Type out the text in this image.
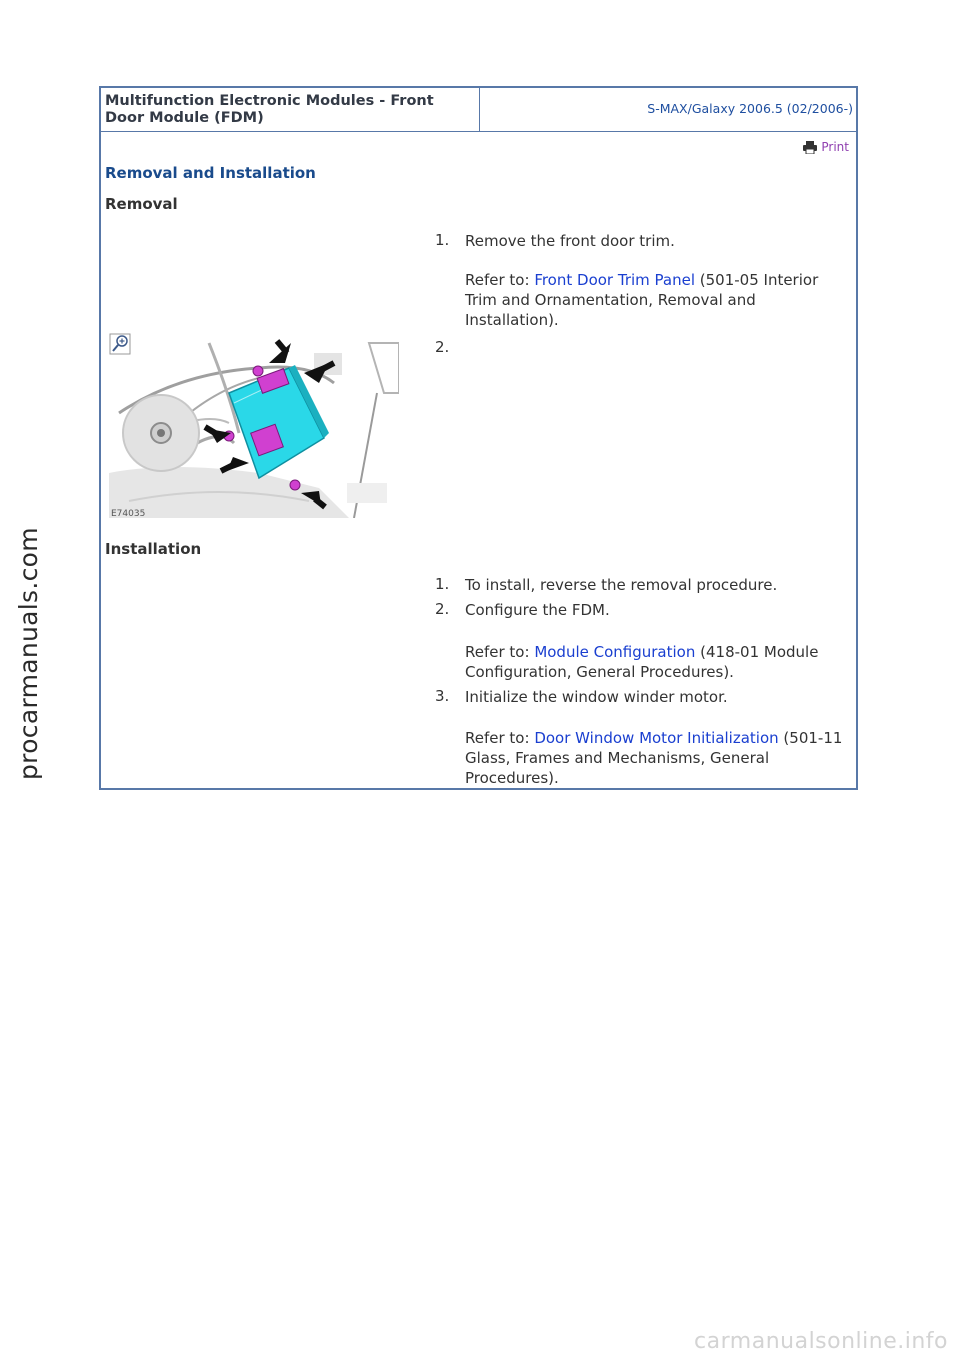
Multifunction Electronic Modules - Front
Door Module (FDM)
S-MAX/Galaxy 2006.5 (02/2006-)
Print
Removal and Installation
Removal
1. Remove the front door trim.
Refer to: Front Door Trim Panel (501-05 Interior Trim and Ornamentation, Removal and Installation).
2.
E74035
Installation
1. To install, reverse the removal procedure.
2. Configure the FDM.
Refer to: Module Configuration (418-01 Module Configuration, General Procedures).
3. Initialize the window winder motor.
Refer to: Door Window Motor Initialization (501-11 Glass, Frames and Mechanisms, General Procedures).
procarmanuals.com
carmanualsonline.info
